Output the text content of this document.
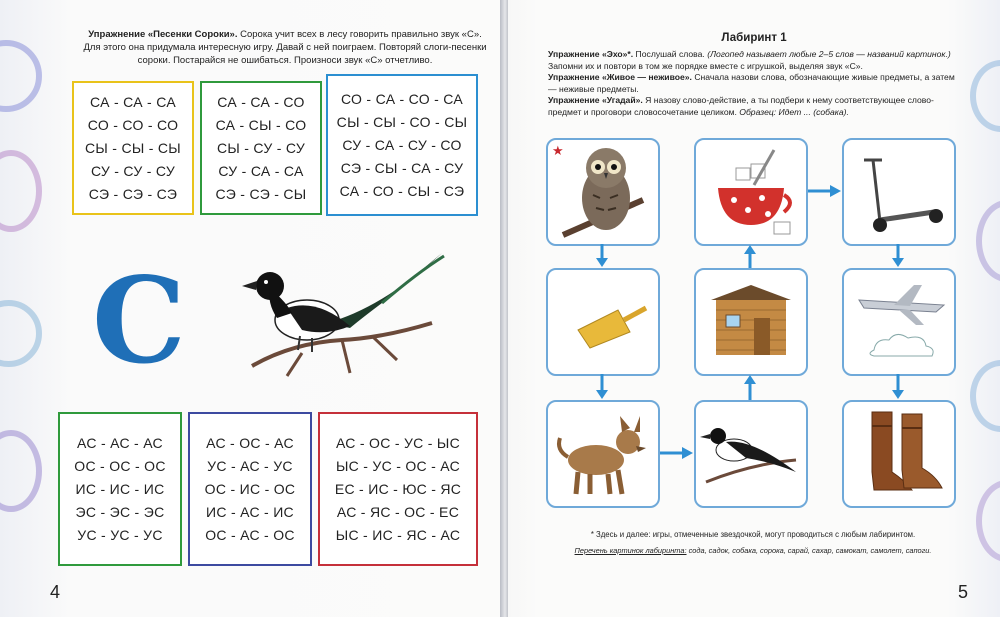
Упражнение «Песенки Сороки». Сорока учит всех в лесу говорить правильно звук «С». Для этого она придумала интересную игру. Давай с ней поиграем. Повторяй слоги-песенки сороки. Постарайся не ошибаться. Произноси звук «С» отчетливо.

СА - СА - СА
СО - СО - СО
СЫ - СЫ - СЫ
СУ - СУ - СУ
СЭ - СЭ - СЭ
СА - СА - СО
СА - СЫ - СО
СЫ - СУ - СУ
СУ - СА - СА
СЭ - СЭ - СЫ
СО - СА - СО - СА
СЫ - СЫ - СО - СЫ
СУ - СА - СУ - СО
СЭ - СЫ - СА - СУ
СА - СО - СЫ - СЭ

С

АС - АС - АС
ОС - ОС - ОС
ИС - ИС - ИС
ЭС - ЭС - ЭС
УС - УС - УС
АС - ОС - АС
УС - АС - УС
ОС - ИС - ОС
ИС - АС - ИС
ОС - АС - ОС
АС - ОС - УС - ЫС
ЫС - УС - ОС - АС
ЕС - ИС - ЮС - ЯС
АС - ЯС - ОС - ЕС
ЫС - ИС - ЯС - АС

4

Лабиринт 1

Упражнение «Эхо»*. Послушай слова. (Логопед называет любые 2–5 слов — названий картинок.) Запомни их и повтори в том же порядке вместе с игрушкой, выделяя звук «С».

Упражнение «Живое — неживое». Сначала назови слова, обозначающие живые предметы, а затем — неживые предметы.

Упражнение «Угадай». Я назову слово-действие, а ты подбери к нему соответствующее слово-предмет и проговори словосочетание целиком. Образец: Идет ... (собака).

★

* Здесь и далее: игры, отмеченные звездочкой, могут проводиться с любым лабиринтом.

Перечень картинок лабиринта: сода, садок, собака, сорока, сарай, сахар, самокат, самолет, сапоги.

5
